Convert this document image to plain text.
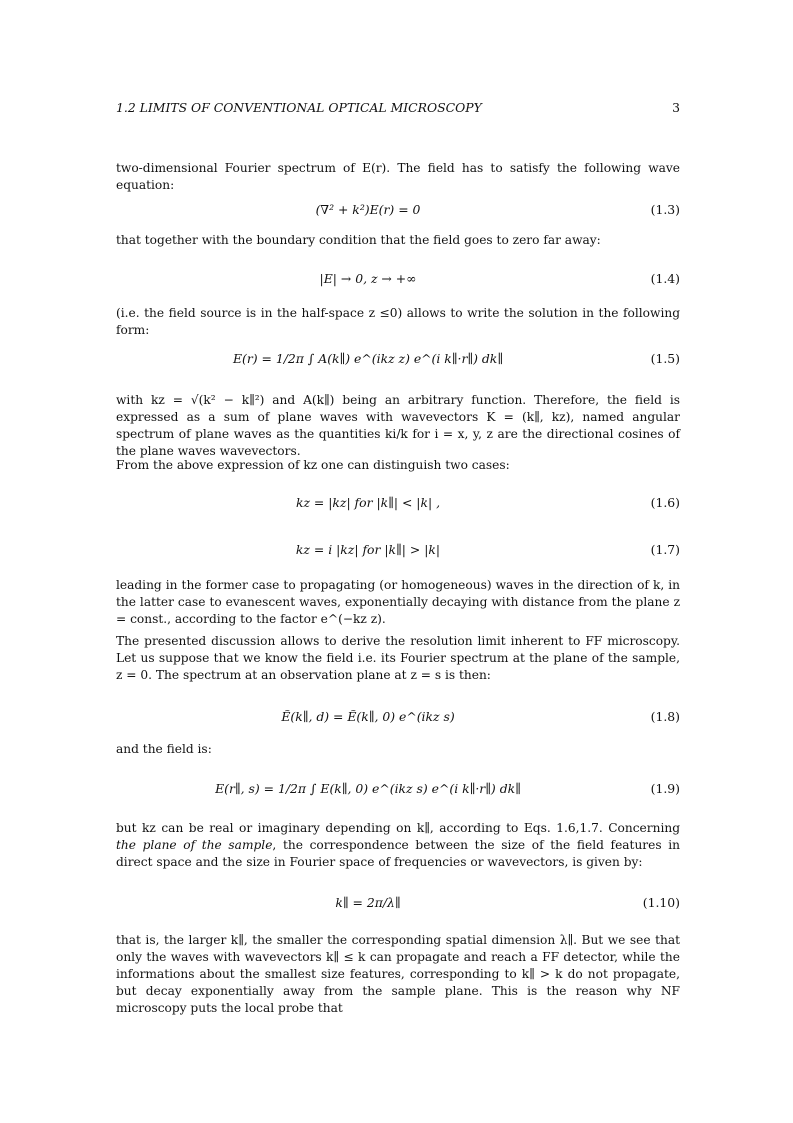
1.2 LIMITS OF CONVENTIONAL OPTICAL MICROSCOPY	3
two-dimensional Fourier spectrum of E(r). The field has to satisfy the following wave equation:
(∇² + k²)E(r) = 0	(1.3)
that together with the boundary condition that the field goes to zero far away:
|E| → 0, z → +∞	(1.4)
(i.e. the field source is in the half-space z ≤0) allows to write the solution in the following form:
E(r) = 1/2π ∫ A(k∥) e^(ikz z) e^(i k∥·r∥) dk∥	(1.5)
with kz = √(k² − k∥²) and A(k∥) being an arbitrary function. Therefore, the field is expressed as a sum of plane waves with wavevectors K = (k∥, kz), named angular spectrum of plane waves as the quantities ki/k for i = x, y, z are the directional cosines of the plane waves wavevectors.
From the above expression of kz one can distinguish two cases:
kz = |kz| for |k∥| < |k| ,	(1.6)
kz = i |kz| for |k∥| > |k|	(1.7)
leading in the former case to propagating (or homogeneous) waves in the direction of k, in the latter case to evanescent waves, exponentially decaying with distance from the plane z = const., according to the factor e^(−kz z).
The presented discussion allows to derive the resolution limit inherent to FF microscopy. Let us suppose that we know the field i.e. its Fourier spectrum at the plane of the sample, z = 0. The spectrum at an observation plane at z = s is then:
Ẽ(k∥, d) = Ẽ(k∥, 0) e^(ikz s)	(1.8)
and the field is:
E(r∥, s) = 1/2π ∫ E(k∥, 0) e^(ikz s) e^(i k∥·r∥) dk∥	(1.9)
but kz can be real or imaginary depending on k∥, according to Eqs. 1.6,1.7. Concerning the plane of the sample, the correspondence between the size of the field features in direct space and the size in Fourier space of frequencies or wavevectors, is given by:
k∥ = 2π/λ∥	(1.10)
that is, the larger k∥, the smaller the corresponding spatial dimension λ∥. But we see that only the waves with wavevectors k∥ ≤ k can propagate and reach a FF detector, while the informations about the smallest size features, corresponding to k∥ > k do not propagate, but decay exponentially away from the sample plane. This is the reason why NF microscopy puts the local probe that
